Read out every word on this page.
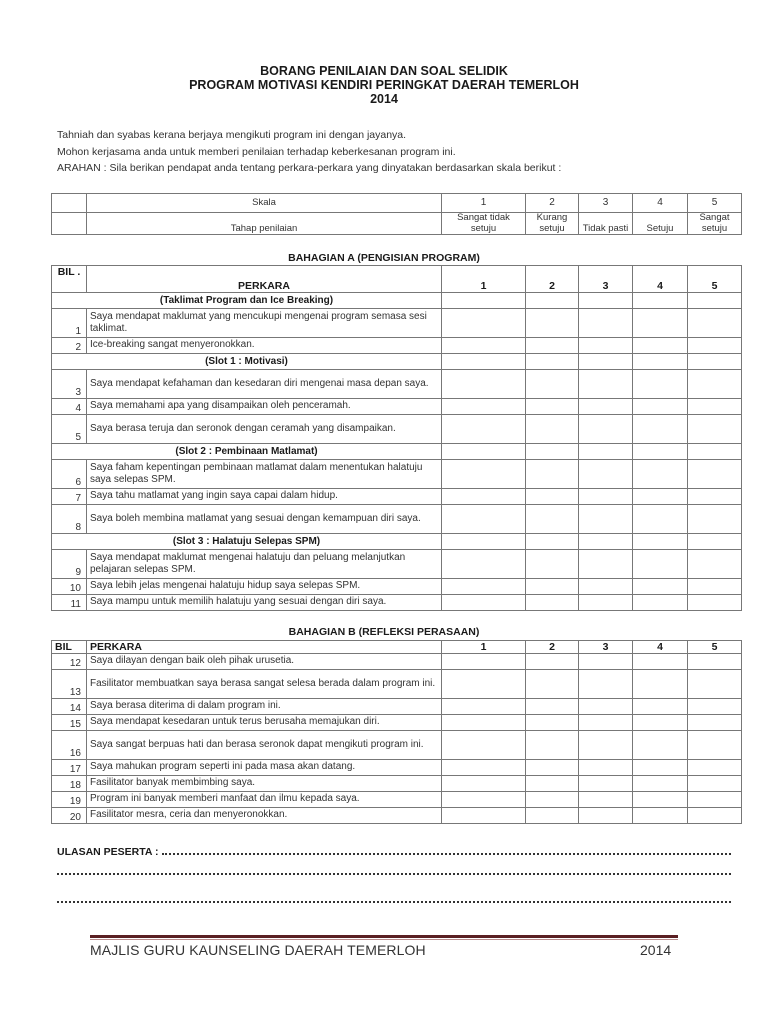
BORANG PENILAIAN DAN SOAL SELIDIK
PROGRAM MOTIVASI KENDIRI PERINGKAT DAERAH TEMERLOH
2014
Tahniah dan syabas kerana berjaya mengikuti program ini dengan jayanya.
Mohon kerjasama anda untuk memberi penilaian terhadap keberkesanan program ini.
ARAHAN : Sila berikan pendapat anda tentang perkara-perkara yang dinyatakan berdasarkan skala berikut :
	Skala	1	2	3	4	5
	Tahap penilaian	Sangat tidak setuju	Kurang setuju	Tidak pasti	Setuju	Sangat setuju
BAHAGIAN A (PENGISIAN PROGRAM)
BIL .	PERKARA	1	2	3	4	5
(Taklimat Program dan Ice Breaking)						
1	Saya mendapat maklumat yang mencukupi mengenai program semasa sesi taklimat.					
2	Ice-breaking sangat menyeronokkan.					
(Slot 1 : Motivasi)						
3	Saya mendapat kefahaman dan kesedaran diri mengenai masa depan saya.					
4	Saya memahami apa yang disampaikan oleh penceramah.					
5	Saya berasa teruja dan seronok dengan ceramah yang disampaikan.					
(Slot 2 : Pembinaan Matlamat)						
6	Saya faham kepentingan pembinaan matlamat dalam menentukan halatuju saya selepas SPM.					
7	Saya tahu matlamat yang ingin saya capai dalam hidup.					
8	Saya boleh membina matlamat yang sesuai dengan kemampuan diri saya.					
(Slot 3 : Halatuju Selepas SPM)						
9	Saya mendapat maklumat mengenai halatuju dan peluang melanjutkan pelajaran selepas SPM.					
10	Saya lebih jelas mengenai halatuju hidup saya selepas SPM.					
11	Saya mampu untuk memilih halatuju yang sesuai dengan diri saya.					
BAHAGIAN B (REFLEKSI PERASAAN)
BIL	PERKARA	1	2	3	4	5
12	Saya dilayan dengan baik oleh pihak urusetia.					
13	Fasilitator membuatkan saya berasa sangat selesa berada dalam program ini.					
14	Saya berasa diterima di dalam program ini.					
15	Saya mendapat kesedaran untuk terus berusaha memajukan diri.					
16	Saya sangat berpuas hati dan berasa seronok dapat mengikuti program ini.					
17	Saya mahukan program seperti ini pada masa akan datang.					
18	Fasilitator banyak membimbing saya.					
19	Program ini banyak memberi manfaat dan ilmu kepada saya.					
20	Fasilitator mesra, ceria dan menyeronokkan.					
ULASAN PESERTA :
MAJLIS GURU KAUNSELING DAERAH TEMERLOH	2014
